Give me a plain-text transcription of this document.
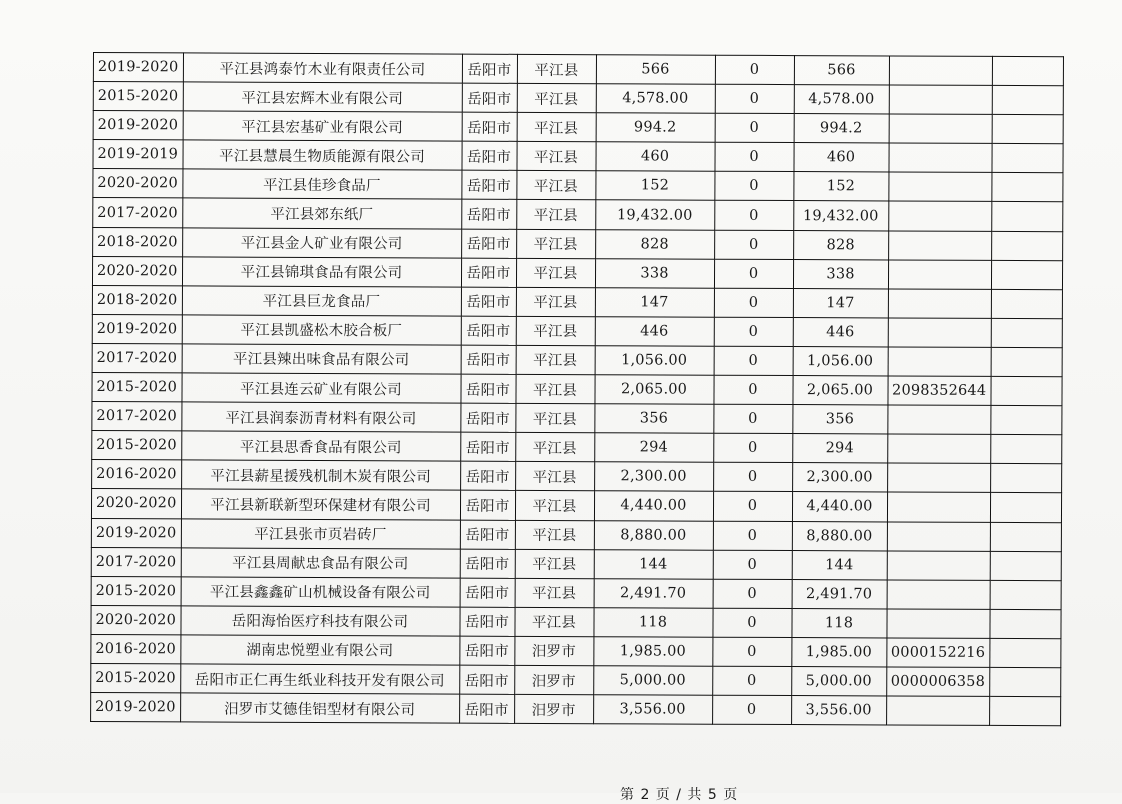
2019-2020	平江县鸿泰竹木业有限责任公司	岳阳市	平江县	566	0	566		
2015-2020	平江县宏辉木业有限公司	岳阳市	平江县	4,578.00	0	4,578.00		
2019-2020	平江县宏基矿业有限公司	岳阳市	平江县	994.2	0	994.2		
2019-2019	平江县慧晨生物质能源有限公司	岳阳市	平江县	460	0	460		
2020-2020	平江县佳珍食品厂	岳阳市	平江县	152	0	152		
2017-2020	平江县郊东纸厂	岳阳市	平江县	19,432.00	0	19,432.00		
2018-2020	平江县金人矿业有限公司	岳阳市	平江县	828	0	828		
2020-2020	平江县锦琪食品有限公司	岳阳市	平江县	338	0	338		
2018-2020	平江县巨龙食品厂	岳阳市	平江县	147	0	147		
2019-2020	平江县凯盛松木胶合板厂	岳阳市	平江县	446	0	446		
2017-2020	平江县辣出味食品有限公司	岳阳市	平江县	1,056.00	0	1,056.00		
2015-2020	平江县连云矿业有限公司	岳阳市	平江县	2,065.00	0	2,065.00	2098352644	
2017-2020	平江县润泰沥青材料有限公司	岳阳市	平江县	356	0	356		
2015-2020	平江县思香食品有限公司	岳阳市	平江县	294	0	294		
2016-2020	平江县薪星援残机制木炭有限公司	岳阳市	平江县	2,300.00	0	2,300.00		
2020-2020	平江县新联新型环保建材有限公司	岳阳市	平江县	4,440.00	0	4,440.00		
2019-2020	平江县张市页岩砖厂	岳阳市	平江县	8,880.00	0	8,880.00		
2017-2020	平江县周献忠食品有限公司	岳阳市	平江县	144	0	144		
2015-2020	平江县鑫鑫矿山机械设备有限公司	岳阳市	平江县	2,491.70	0	2,491.70		
2020-2020	岳阳海怡医疗科技有限公司	岳阳市	平江县	118	0	118		
2016-2020	湖南忠悦塑业有限公司	岳阳市	汨罗市	1,985.00	0	1,985.00	0000152216	
2015-2020	岳阳市正仁再生纸业科技开发有限公司	岳阳市	汨罗市	5,000.00	0	5,000.00	0000006358	
2019-2020	汨罗市艾德佳铝型材有限公司	岳阳市	汨罗市	3,556.00	0	3,556.00		
第 2 页 / 共 5 页
